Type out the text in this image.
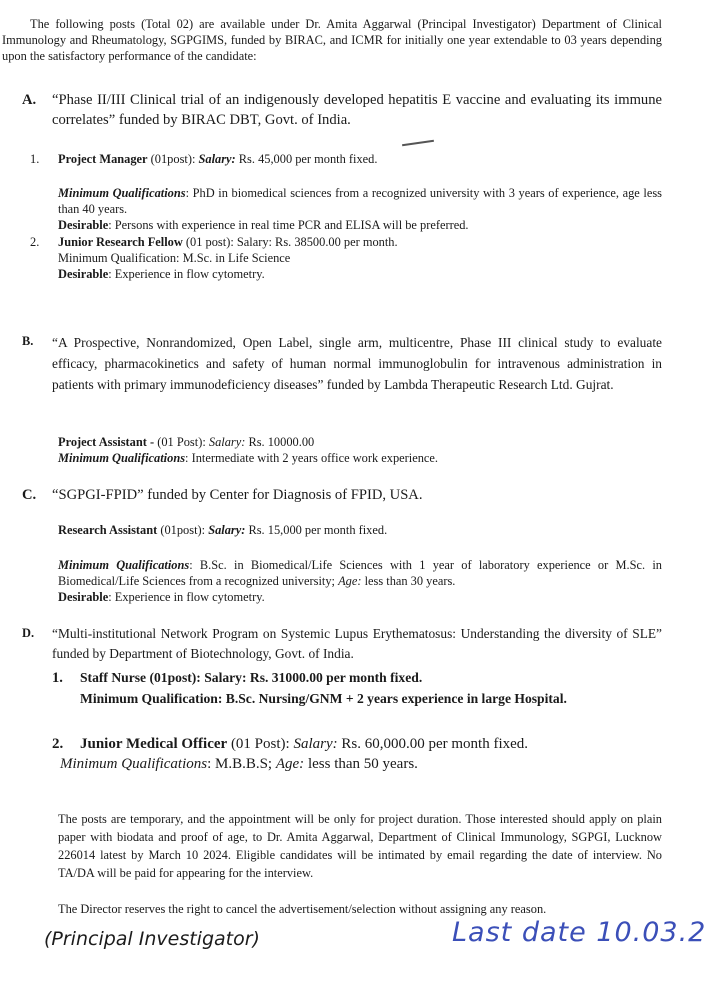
The following posts (Total 02) are available under Dr. Amita Aggarwal (Principal Investigator) Department of Clinical Immunology and Rheumatology, SGPGIMS, funded by BIRAC, and ICMR for initially one year extendable to 03 years depending upon the satisfactory performance of the candidate:
A. “Phase II/III Clinical trial of an indigenously developed hepatitis E vaccine and evaluating its immune correlates” funded by BIRAC DBT, Govt. of India.
1. Project Manager (01post): Salary: Rs. 45,000 per month fixed.
Minimum Qualifications: PhD in biomedical sciences from a recognized university with 3 years of experience, age less than 40 years.
Desirable: Persons with experience in real time PCR and ELISA will be preferred.
2. Junior Research Fellow (01 post): Salary: Rs. 38500.00 per month.
Minimum Qualification: M.Sc. in Life Science
Desirable: Experience in flow cytometry.
B. “A Prospective, Nonrandomized, Open Label, single arm, multicentre, Phase III clinical study to evaluate efficacy, pharmacokinetics and safety of human normal immunoglobulin for intravenous administration in patients with primary immunodeficiency diseases” funded by Lambda Therapeutic Research Ltd. Gujrat.
Project Assistant - (01 Post): Salary: Rs. 10000.00
Minimum Qualifications: Intermediate with 2 years office work experience.
C. “SGPGI-FPID” funded by Center for Diagnosis of FPID, USA.
Research Assistant (01post): Salary: Rs. 15,000 per month fixed.
Minimum Qualifications: B.Sc. in Biomedical/Life Sciences with 1 year of laboratory experience or M.Sc. in Biomedical/Life Sciences from a recognized university; Age: less than 30 years.
Desirable: Experience in flow cytometry.
D. “Multi-institutional Network Program on Systemic Lupus Erythematosus: Understanding the diversity of SLE” funded by Department of Biotechnology, Govt. of India.
1. Staff Nurse (01post): Salary: Rs. 31000.00 per month fixed.
Minimum Qualification: B.Sc. Nursing/GNM + 2 years experience in large Hospital.
2. Junior Medical Officer (01 Post): Salary: Rs. 60,000.00 per month fixed.
Minimum Qualifications: M.B.B.S; Age: less than 50 years.
The posts are temporary, and the appointment will be only for project duration. Those interested should apply on plain paper with biodata and proof of age, to Dr. Amita Aggarwal, Department of Clinical Immunology, SGPGI, Lucknow 226014 latest by March 10 2024. Eligible candidates will be intimated by email regarding the date of interview. No TA/DA will be paid for appearing for the interview.
The Director reserves the right to cancel the advertisement/selection without assigning any reason.
(Principal Investigator)	Last date 10.03.2
